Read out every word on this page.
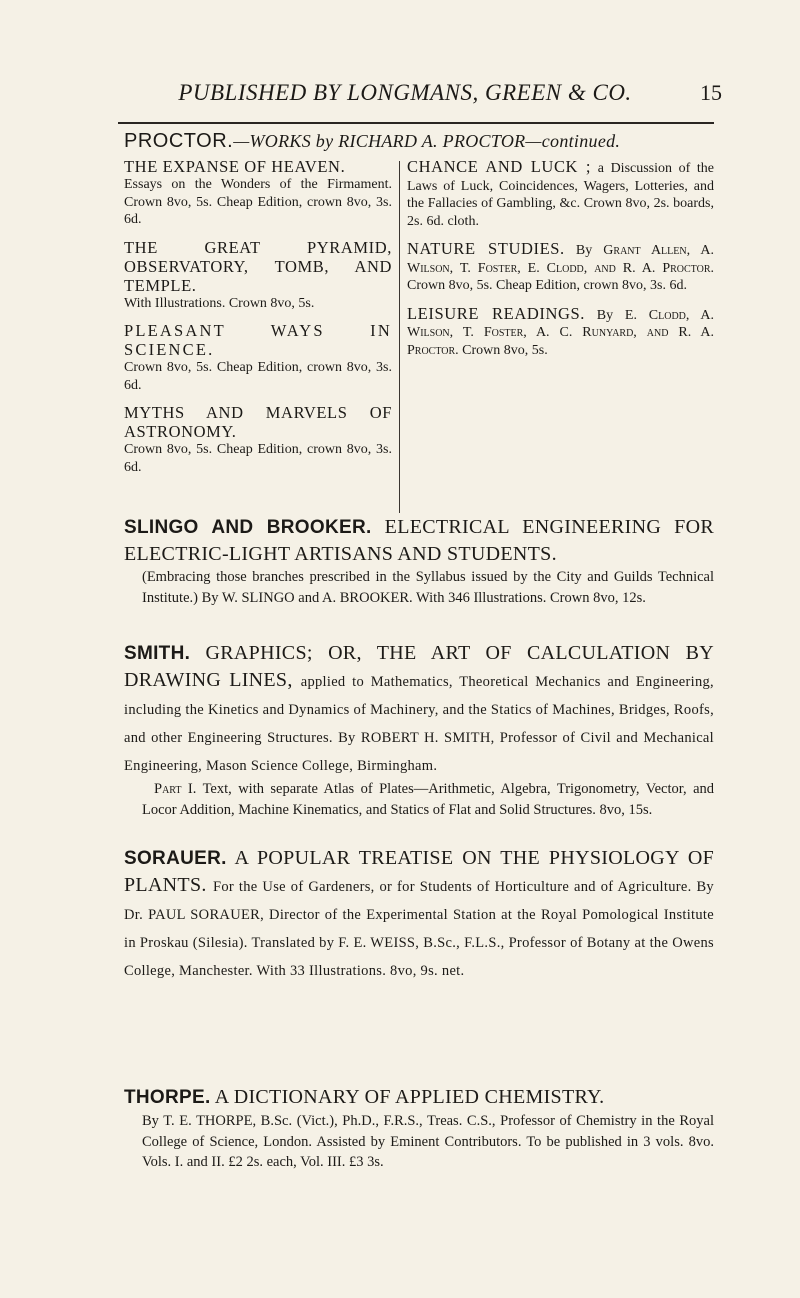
PUBLISHED BY LONGMANS, GREEN & CO.	15
PROCTOR.—WORKS by RICHARD A. PROCTOR—continued.
THE EXPANSE OF HEAVEN.
Essays on the Wonders of the Firmament. Crown 8vo, 5s. Cheap Edition, crown 8vo, 3s. 6d.
THE GREAT PYRAMID, OBSERVATORY, TOMB, AND TEMPLE.
With Illustrations. Crown 8vo, 5s.
PLEASANT WAYS IN SCIENCE.
Crown 8vo, 5s. Cheap Edition, crown 8vo, 3s. 6d.
MYTHS AND MARVELS OF ASTRONOMY.
Crown 8vo, 5s. Cheap Edition, crown 8vo, 3s. 6d.
CHANCE AND LUCK ; a Discussion of the Laws of Luck, Coincidences, Wagers, Lotteries, and the Fallacies of Gambling, &c. Crown 8vo, 2s. boards, 2s. 6d. cloth.
NATURE STUDIES. By Grant Allen, A. Wilson, T. Foster, E. Clodd, and R. A. Proctor. Crown 8vo, 5s. Cheap Edition, crown 8vo, 3s. 6d.
LEISURE READINGS. By E. Clodd, A. Wilson, T. Foster, A. C. Runyard, and R. A. Proctor. Crown 8vo, 5s.
SLINGO AND BROOKER. ELECTRICAL ENGINEERING FOR ELECTRIC-LIGHT ARTISANS AND STUDENTS.

(Embracing those branches prescribed in the Syllabus issued by the City and Guilds Technical Institute.) By W. SLINGO and A. BROOKER. With 346 Illustrations. Crown 8vo, 12s.

SMITH. GRAPHICS; OR, THE ART OF CALCULATION BY DRAWING LINES, applied to Mathematics, Theoretical Mechanics and Engineering, including the Kinetics and Dynamics of Machinery, and the Statics of Machines, Bridges, Roofs, and other Engineering Structures. By ROBERT H. SMITH, Professor of Civil and Mechanical Engineering, Mason Science College, Birmingham.

Part I. Text, with separate Atlas of Plates—Arithmetic, Algebra, Trigonometry, Vector, and Locor Addition, Machine Kinematics, and Statics of Flat and Solid Structures. 8vo, 15s.

SORAUER. A POPULAR TREATISE ON THE PHYSIOLOGY OF PLANTS. For the Use of Gardeners, or for Students of Horticulture and of Agriculture. By Dr. PAUL SORAUER, Director of the Experimental Station at the Royal Pomological Institute in Proskau (Silesia). Translated by F. E. WEISS, B.Sc., F.L.S., Professor of Botany at the Owens College, Manchester. With 33 Illustrations. 8vo, 9s. net.
THORPE. A DICTIONARY OF APPLIED CHEMISTRY.

By T. E. THORPE, B.Sc. (Vict.), Ph.D., F.R.S., Treas. C.S., Professor of Chemistry in the Royal College of Science, London. Assisted by Eminent Contributors. To be published in 3 vols. 8vo. Vols. I. and II. £2 2s. each, Vol. III. £3 3s.
